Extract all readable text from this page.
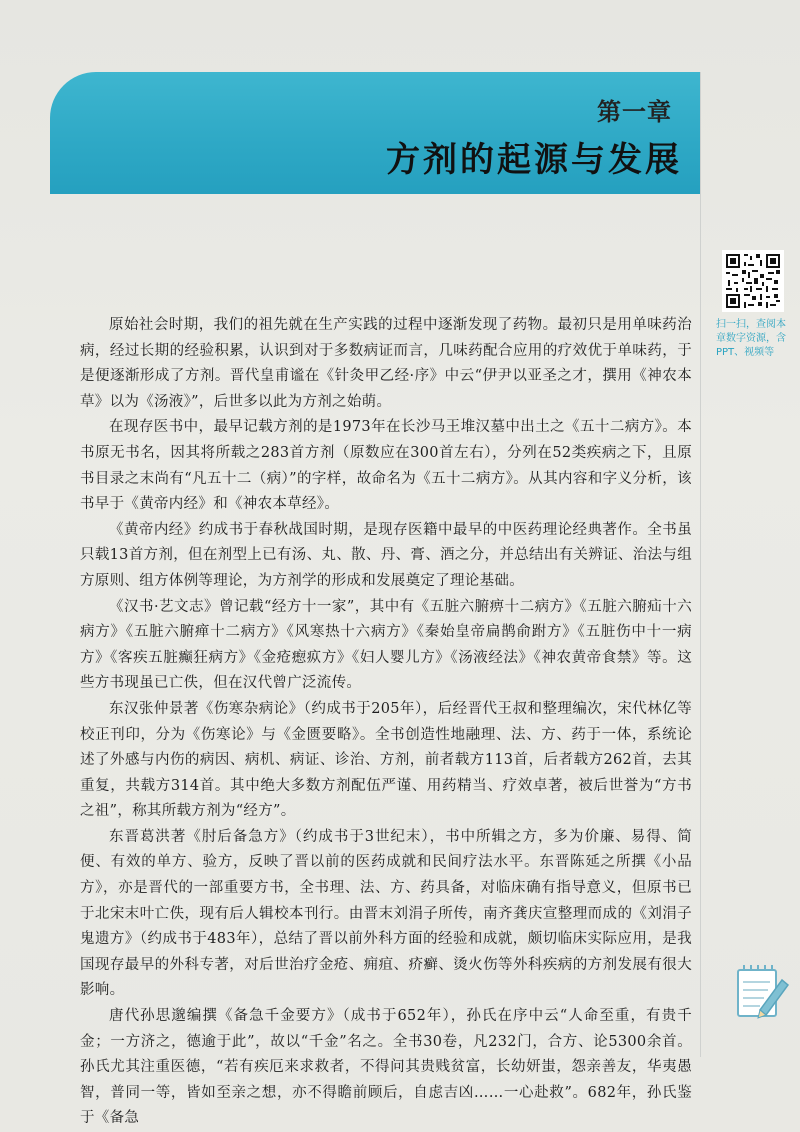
第一章
方剂的起源与发展

原始社会时期，我们的祖先就在生产实践的过程中逐渐发现了药物。最初只是用单味药治病，经过长期的经验积累，认识到对于多数病证而言，几味药配合应用的疗效优于单味药，于是便逐渐形成了方剂。晋代皇甫谧在《针灸甲乙经·序》中云“伊尹以亚圣之才，撰用《神农本草》以为《汤液》”，后世多以此为方剂之始萌。

在现存医书中，最早记载方剂的是1973年在长沙马王堆汉墓中出土之《五十二病方》。本书原无书名，因其将所载之283首方剂（原数应在300首左右），分列在52类疾病之下，且原书目录之末尚有“凡五十二（病）”的字样，故命名为《五十二病方》。从其内容和字义分析，该书早于《黄帝内经》和《神农本草经》。

《黄帝内经》约成书于春秋战国时期，是现存医籍中最早的中医药理论经典著作。全书虽只载13首方剂，但在剂型上已有汤、丸、散、丹、膏、酒之分，并总结出有关辨证、治法与组方原则、组方体例等理论，为方剂学的形成和发展奠定了理论基础。

《汉书·艺文志》曾记载“经方十一家”，其中有《五脏六腑痹十二病方》《五脏六腑疝十六病方》《五脏六腑瘅十二病方》《风寒热十六病方》《秦始皇帝扁鹊俞跗方》《五脏伤中十一病方》《客疾五脏癫狂病方》《金疮瘛疭方》《妇人婴儿方》《汤液经法》《神农黄帝食禁》等。这些方书现虽已亡佚，但在汉代曾广泛流传。

东汉张仲景著《伤寒杂病论》（约成书于205年），后经晋代王叔和整理编次，宋代林亿等校正刊印，分为《伤寒论》与《金匮要略》。全书创造性地融理、法、方、药于一体，系统论述了外感与内伤的病因、病机、病证、诊治、方剂，前者载方113首，后者载方262首，去其重复，共载方314首。其中绝大多数方剂配伍严谨、用药精当、疗效卓著，被后世誉为“方书之祖”，称其所载方剂为“经方”。

东晋葛洪著《肘后备急方》（约成书于3世纪末），书中所辑之方，多为价廉、易得、简便、有效的单方、验方，反映了晋以前的医药成就和民间疗法水平。东晋陈延之所撰《小品方》，亦是晋代的一部重要方书，全书理、法、方、药具备，对临床确有指导意义，但原书已于北宋末叶亡佚，现有后人辑校本刊行。由晋末刘涓子所传，南齐龚庆宣整理而成的《刘涓子鬼遗方》（约成书于483年），总结了晋以前外科方面的经验和成就，颇切临床实际应用，是我国现存最早的外科专著，对后世治疗金疮、痈疽、疥癣、烫火伤等外科疾病的方剂发展有很大影响。

唐代孙思邈编撰《备急千金要方》（成书于652年），孙氏在序中云“人命至重，有贵千金；一方济之，德逾于此”，故以“千金”名之。全书30卷，凡232门，合方、论5300余首。孙氏尤其注重医德，“若有疾厄来求救者，不得问其贵贱贫富，长幼妍蚩，怨亲善友，华夷愚智，普同一等，皆如至亲之想，亦不得瞻前顾后，自虑吉凶……一心赴救”。682年，孙氏鉴于《备急

扫一扫，查阅本章数字资源，含PPT、视频等
